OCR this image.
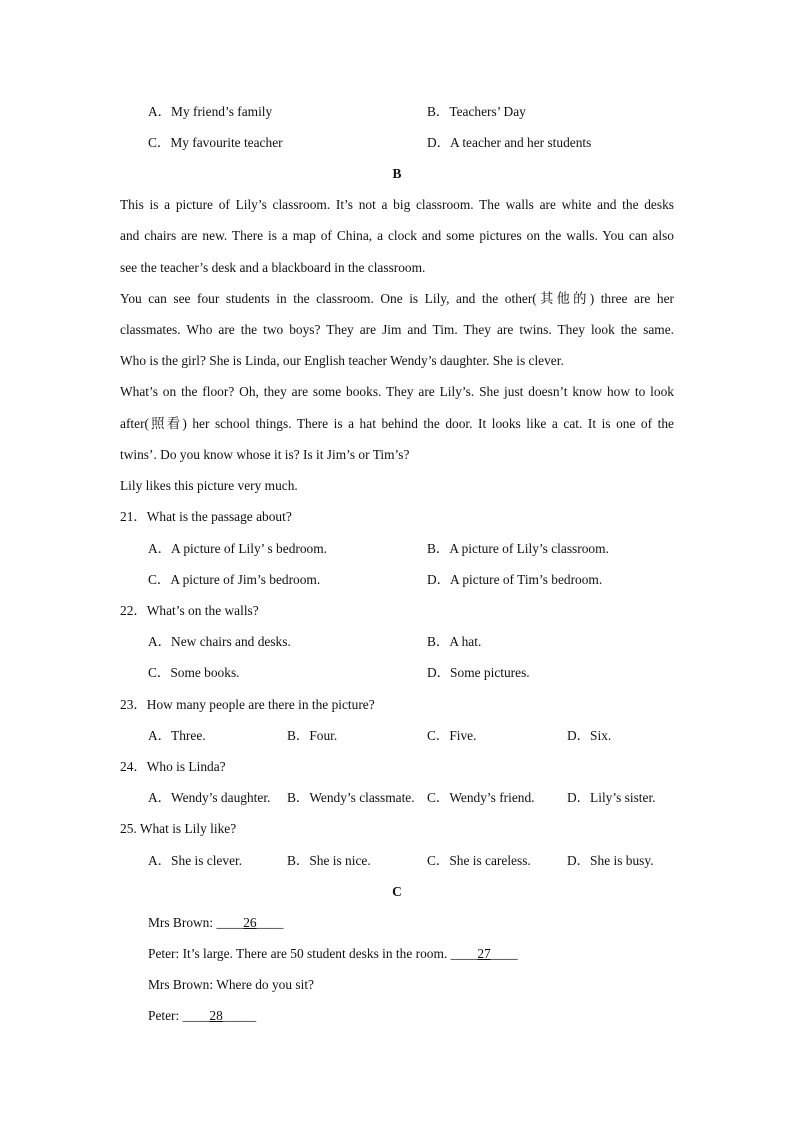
A．My friend’s family	B．Teachers’ Day
C．My favourite teacher	D．A teacher and her students
B
This is a picture of Lily’s classroom. It’s not a big classroom. The walls are white and the desks
and chairs are new. There is a map of China, a clock and some pictures on the walls. You can also
see the teacher’s desk and a blackboard in the classroom.
You can see four students in the classroom. One is Lily, and the other(其他的) three are her
classmates. Who are the two boys? They are Jim and Tim. They are twins. They look the same.
Who is the girl? She is Linda, our English teacher Wendy’s daughter. She is clever.
What’s on the floor? Oh, they are some books. They are Lily’s. She just doesn’t know how to look
after(照看) her school things. There is a hat behind the door. It looks like a cat. It is one of the
twins’. Do you know whose it is? Is it Jim’s or Tim’s?
Lily likes this picture very much.
21．What is the passage about?
A．A picture of Lily’ s bedroom.	B．A picture of Lily’s classroom.
C．A picture of Jim’s bedroom.	D．A picture of Tim’s bedroom.
22．What’s on the walls?
A．New chairs and desks.	B．A hat.
C．Some books.	D．Some pictures.
23．How many people are there in the picture?
A．Three.	B．Four.	C．Five.	D．Six.
24．Who is Linda?
A．Wendy’s daughter. B．Wendy’s classmate. C．Wendy’s friend. D．Lily’s sister.
25. What is Lily like?
A．She is clever.	B．She is nice.	C．She is careless.	D．She is busy.
C
Mrs Brown: ____26____
Peter: It’s large. There are 50 student desks in the room. ____27____
Mrs Brown: Where do you sit?
Peter: ____28_____
